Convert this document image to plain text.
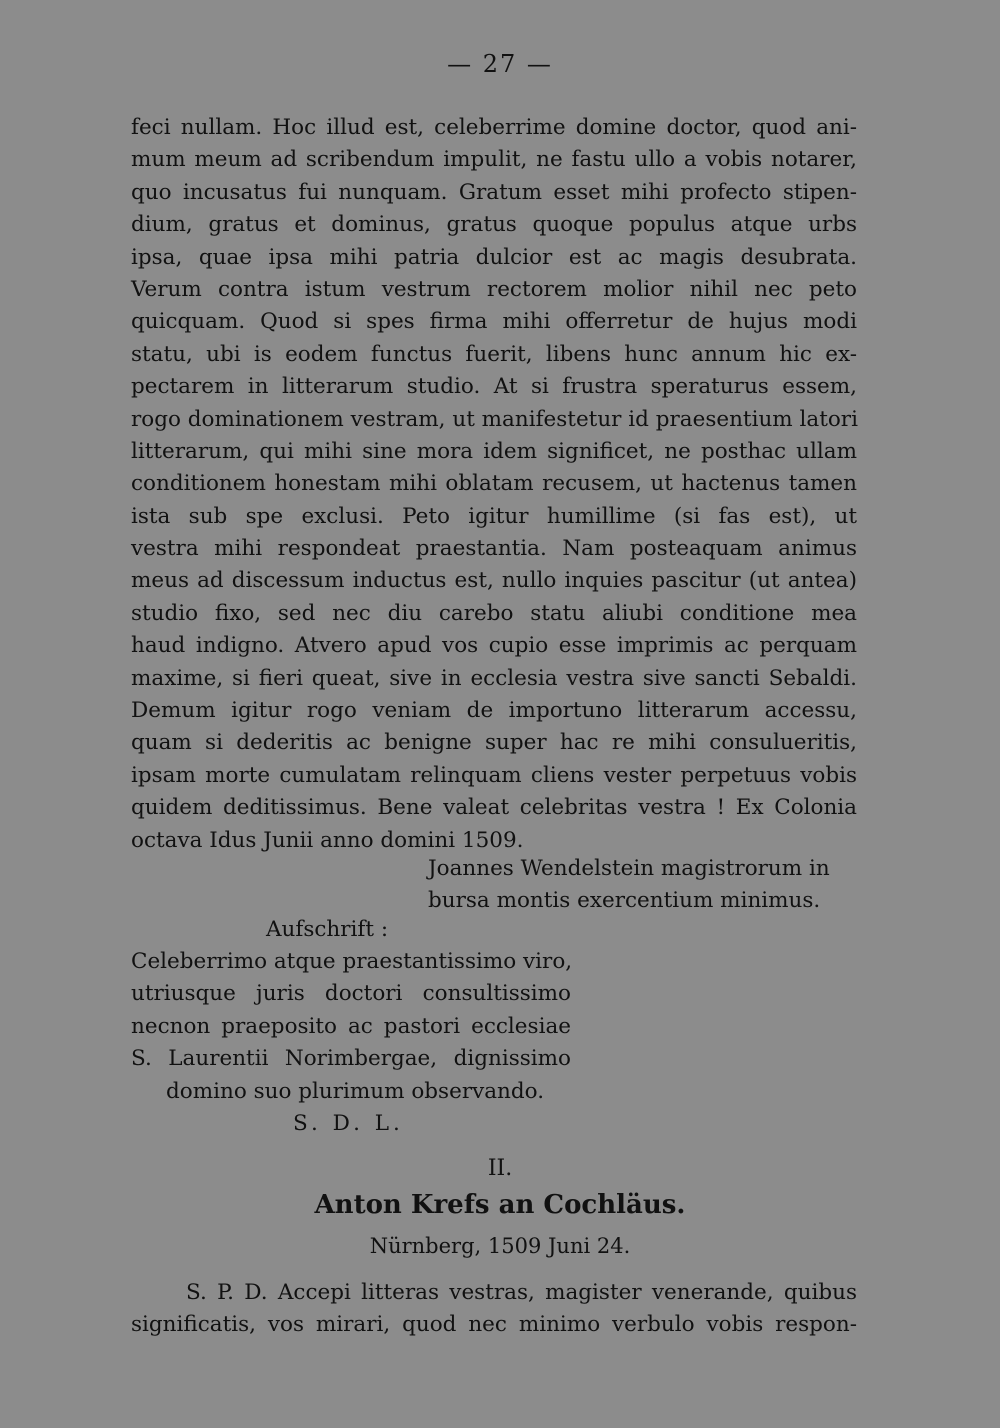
— 27 —
feci nullam. Hoc illud est, celeberrime domine doctor, quod ani-
mum meum ad scribendum impulit, ne fastu ullo a vobis notarer,
quo incusatus fui nunquam. Gratum esset mihi profecto stipen-
dium, gratus et dominus, gratus quoque populus atque urbs
ipsa, quae ipsa mihi patria dulcior est ac magis desubrata.
Verum contra istum vestrum rectorem molior nihil nec peto
quicquam. Quod si spes firma mihi offerretur de hujus modi
statu, ubi is eodem functus fuerit, libens hunc annum hic ex-
pectarem in litterarum studio. At si frustra speraturus essem,
rogo dominationem vestram, ut manifestetur id praesentium latori
litterarum, qui mihi sine mora idem significet, ne posthac ullam
conditionem honestam mihi oblatam recusem, ut hactenus tamen
ista sub spe exclusi. Peto igitur humillime (si fas est), ut
vestra mihi respondeat praestantia. Nam posteaquam animus
meus ad discessum inductus est, nullo inquies pascitur (ut antea)
studio fixo, sed nec diu carebo statu aliubi conditione mea
haud indigno. Atvero apud vos cupio esse imprimis ac perquam
maxime, si fieri queat, sive in ecclesia vestra sive sancti Sebaldi.
Demum igitur rogo veniam de importuno litterarum accessu,
quam si dederitis ac benigne super hac re mihi consulueritis,
ipsam morte cumulatam relinquam cliens vester perpetuus vobis
quidem deditissimus. Bene valeat celebritas vestra ! Ex Colonia
octava Idus Junii anno domini 1509.
Joannes Wendelstein magistrorum in
bursa montis exercentium minimus.
Aufschrift :
Celeberrimo atque praestantissimo viro,
utriusque juris doctori consultissimo
necnon praeposito ac pastori ecclesiae
S. Laurentii Norimbergae, dignissimo
domino suo plurimum observando.
S. D. L.
II.
Anton Krefs an Cochläus.
Nürnberg, 1509 Juni 24.
S. P. D. Accepi litteras vestras, magister venerande, quibus
significatis, vos mirari, quod nec minimo verbulo vobis respon-
